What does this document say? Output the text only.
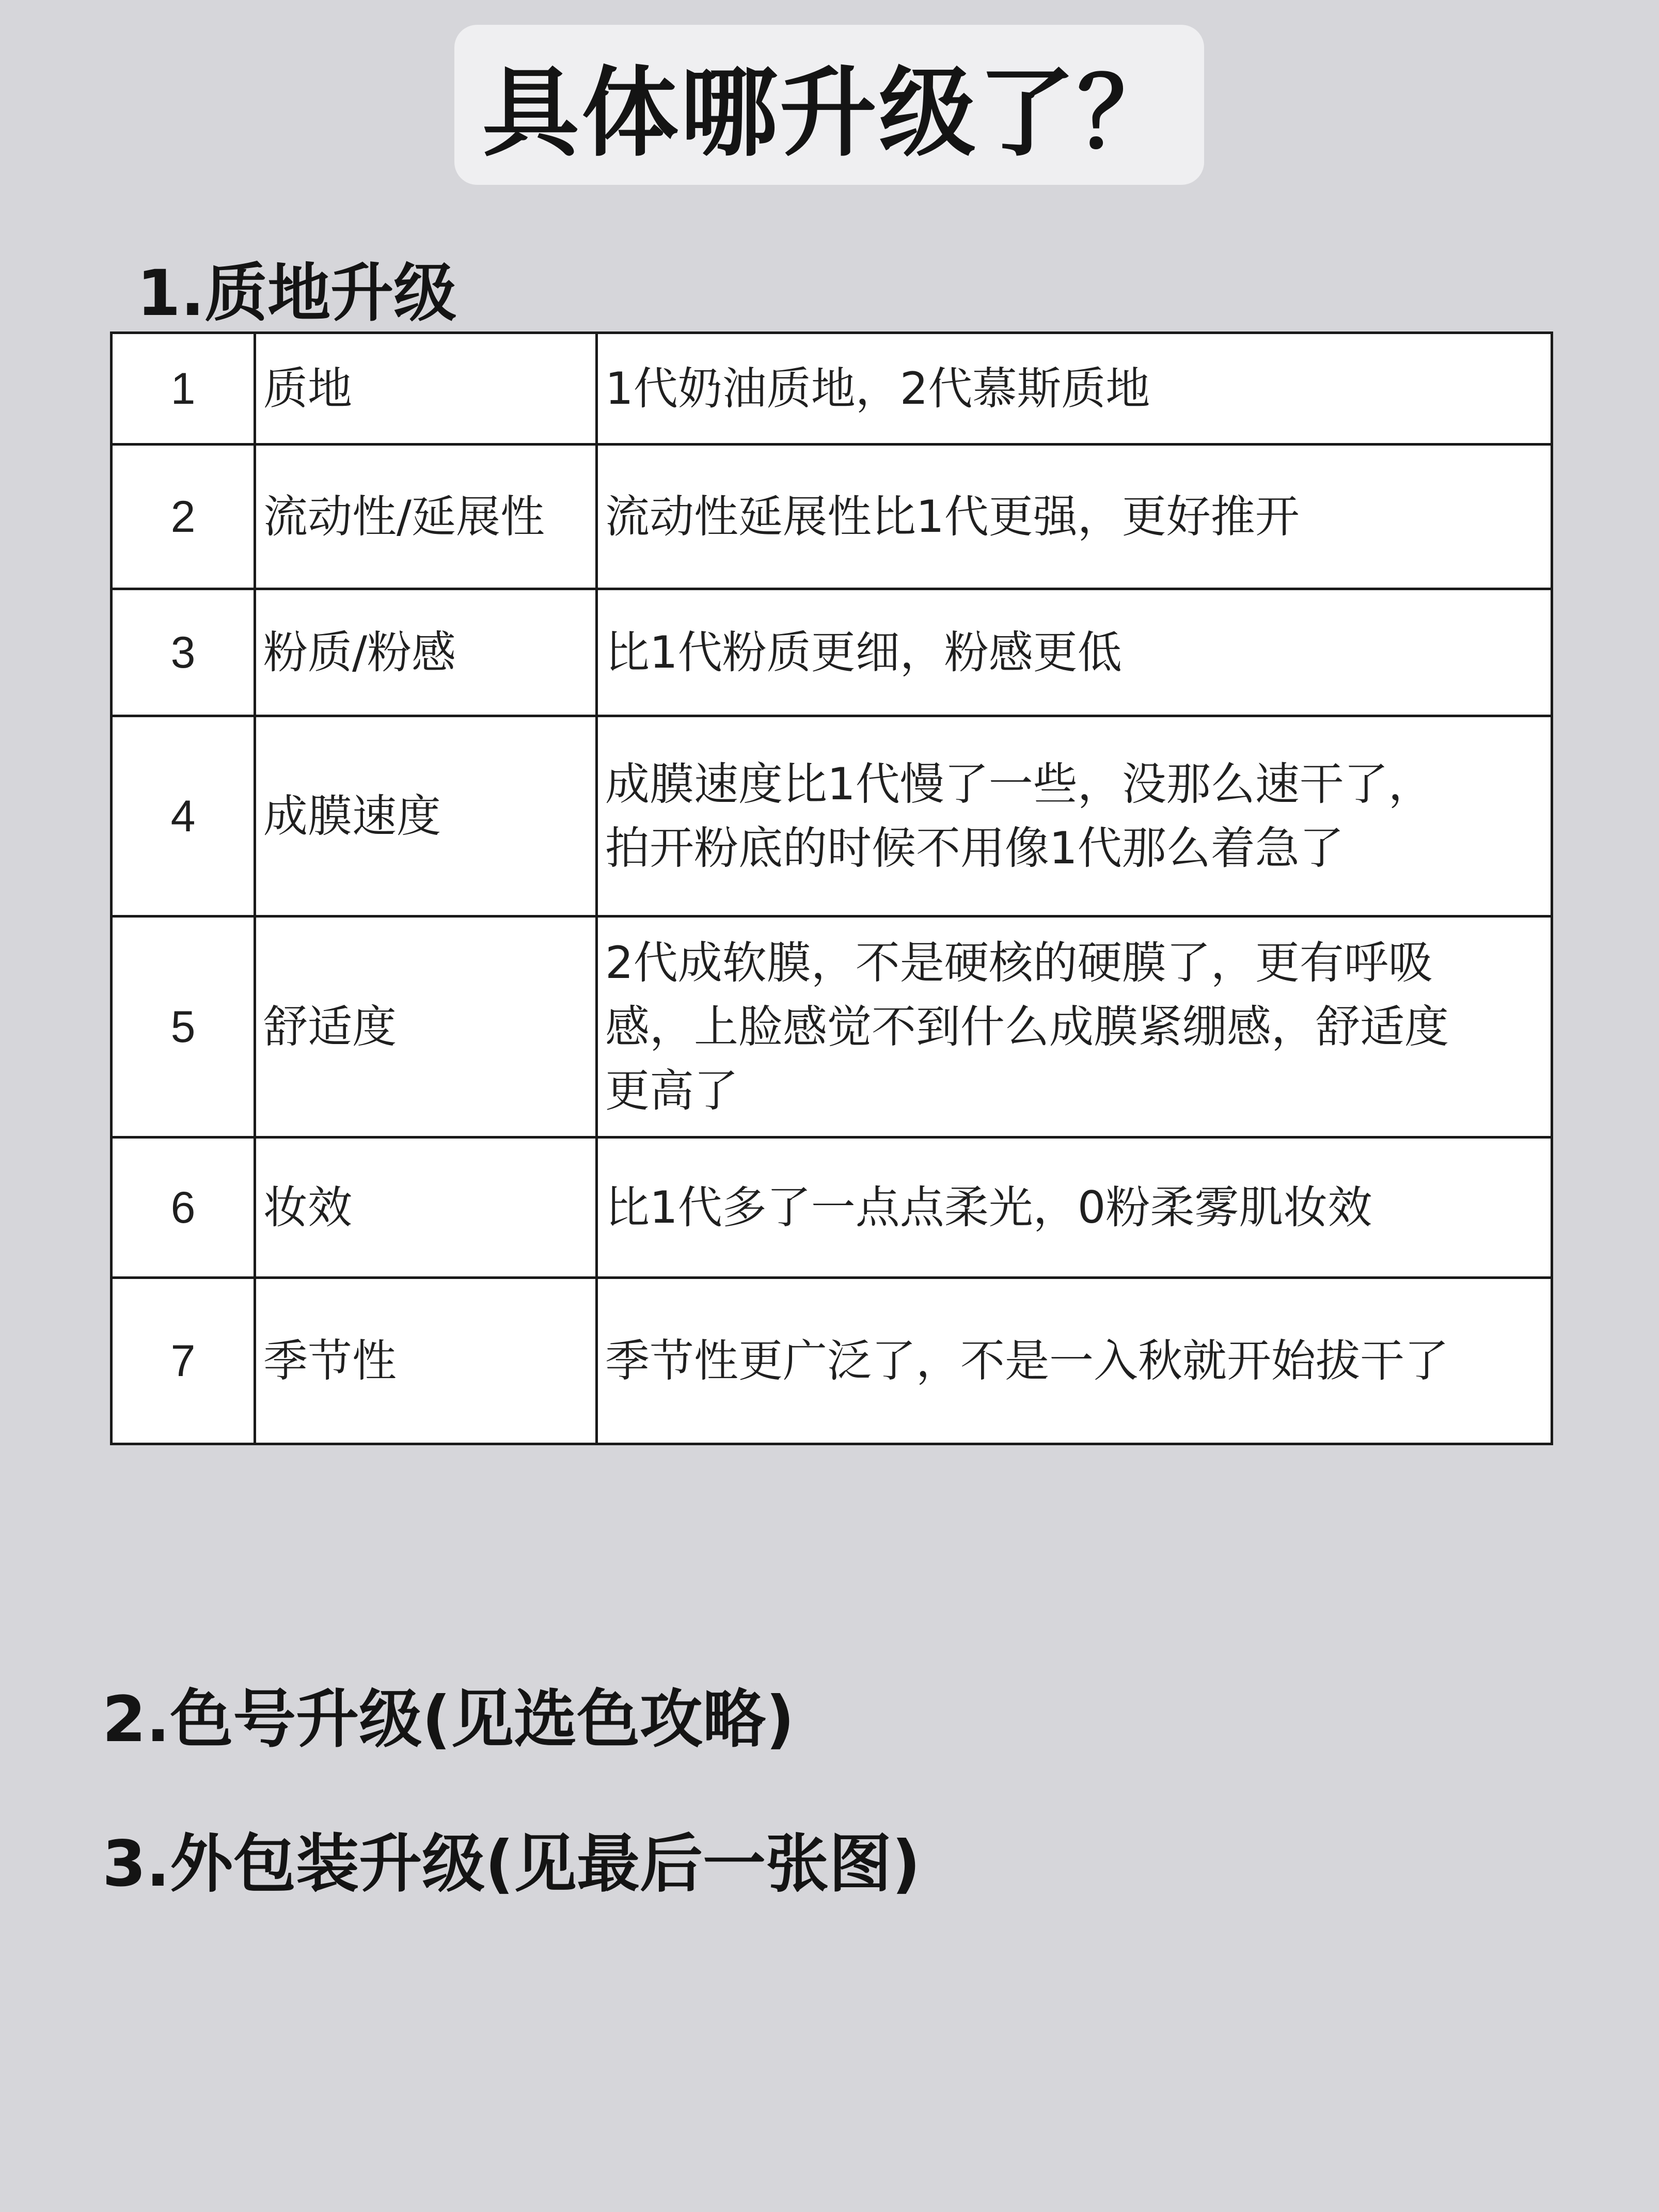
具体哪升级了？
1.质地升级
1	质地	1代奶油质地，2代慕斯质地
2	流动性/延展性	流动性延展性比1代更强，更好推开
3	粉质/粉感	比1代粉质更细，粉感更低
4	成膜速度	成膜速度比1代慢了一些，没那么速干了，
拍开粉底的时候不用像1代那么着急了
5	舒适度	2代成软膜，不是硬核的硬膜了，更有呼吸
感，上脸感觉不到什么成膜紧绷感，舒适度
更高了
6	妆效	比1代多了一点点柔光，0粉柔雾肌妆效
7	季节性	季节性更广泛了，不是一入秋就开始拔干了
2.色号升级(见选色攻略)
3.外包装升级(见最后一张图)
